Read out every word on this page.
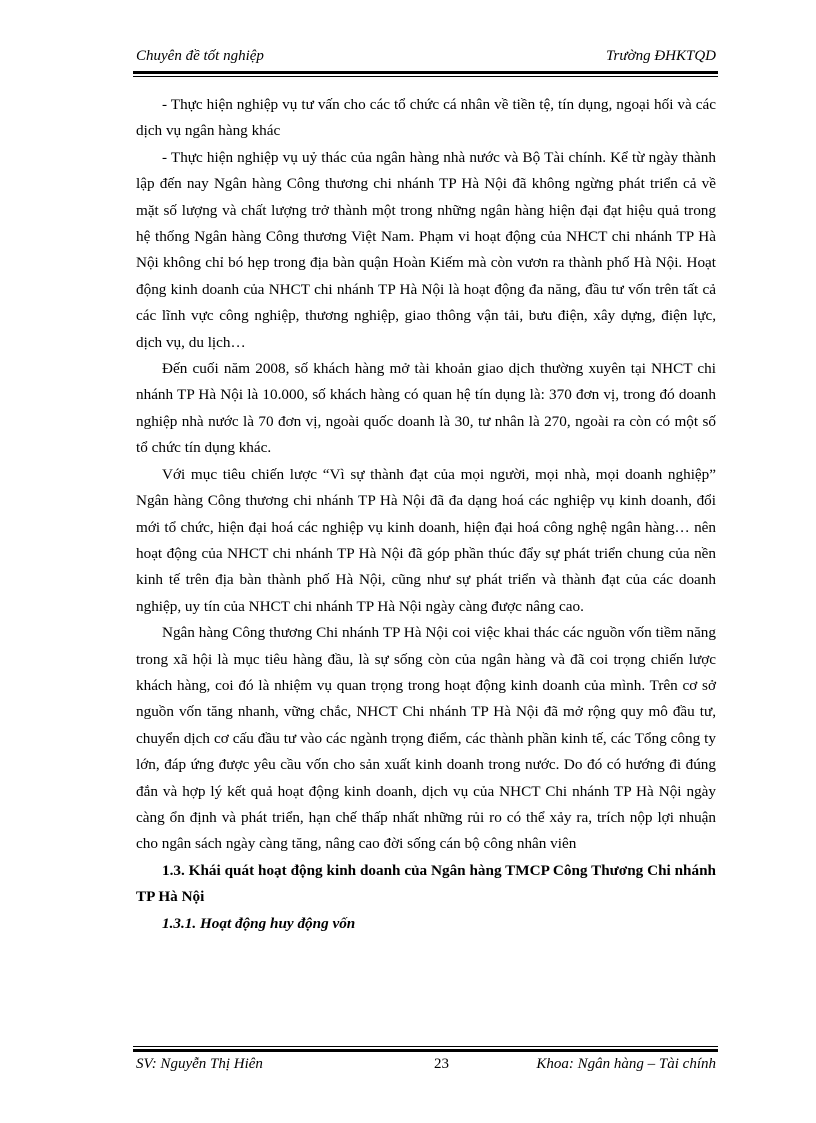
Chuyên đề tốt nghiệp	Trường ĐHKTQD

- Thực hiện nghiệp vụ tư vấn cho các tổ chức cá nhân về tiền tệ, tín dụng, ngoại hối và các dịch vụ ngân hàng khác

- Thực hiện nghiệp vụ uỷ thác của ngân hàng nhà nước và Bộ Tài chính. Kể từ ngày thành lập đến nay Ngân hàng Công thương chi nhánh TP Hà Nội đã không ngừng phát triển cả về mặt số lượng và chất lượng trở thành một trong những ngân hàng hiện đại đạt hiệu quả trong hệ thống Ngân hàng Công thương Việt Nam. Phạm vi hoạt động của NHCT chi nhánh TP Hà Nội không chỉ bó hẹp trong địa bàn quận Hoàn Kiếm mà còn vươn ra thành phố Hà Nội. Hoạt động kinh doanh của NHCT chi nhánh TP Hà Nội là hoạt động đa năng, đầu tư vốn trên tất cả các lĩnh vực công nghiệp, thương nghiệp, giao thông vận tải, bưu điện, xây dựng, điện lực, dịch vụ, du lịch…

Đến cuối năm 2008, số khách hàng mở tài khoản giao dịch thường xuyên tại NHCT chi nhánh TP Hà Nội là 10.000, số khách hàng có quan hệ tín dụng là: 370 đơn vị, trong đó doanh nghiệp nhà nước là 70 đơn vị, ngoài quốc doanh là 30, tư nhân là 270, ngoài ra còn có một số tổ chức tín dụng khác.

Với mục tiêu chiến lược “Vì sự thành đạt của mọi người, mọi nhà, mọi doanh nghiệp” Ngân hàng Công thương chi nhánh TP Hà Nội đã đa dạng hoá các nghiệp vụ kinh doanh, đổi mới tổ chức, hiện đại hoá các nghiệp vụ kinh doanh, hiện đại hoá công nghệ ngân hàng… nên hoạt động của NHCT chi nhánh TP Hà Nội đã góp phần thúc đẩy sự phát triển chung của nền kinh tế trên địa bàn thành phố Hà Nội, cũng như sự phát triển và thành đạt của các doanh nghiệp, uy tín của NHCT chi nhánh TP Hà Nội ngày càng được nâng cao.

Ngân hàng Công thương Chi nhánh TP Hà Nội coi việc khai thác các nguồn vốn tiềm năng trong xã hội là mục tiêu hàng đầu, là sự sống còn của ngân hàng và đã coi trọng chiến lược khách hàng, coi đó là nhiệm vụ quan trọng trong hoạt động kinh doanh của mình. Trên cơ sở nguồn vốn tăng nhanh, vững chắc, NHCT Chi nhánh TP Hà Nội đã mở rộng quy mô đầu tư, chuyển dịch cơ cấu đầu tư vào các ngành trọng điểm, các thành phần kinh tế, các Tổng công ty lớn, đáp ứng được yêu cầu vốn cho sản xuất kinh doanh trong nước. Do đó có hướng đi đúng đắn và hợp lý kết quả hoạt động kinh doanh, dịch vụ của NHCT Chi nhánh TP Hà Nội ngày càng ổn định và phát triển, hạn chế thấp nhất những rủi ro có thể xảy ra, trích nộp lợi nhuận cho ngân sách ngày càng tăng, nâng cao đời sống cán bộ công nhân viên

1.3. Khái quát hoạt động kinh doanh của Ngân hàng TMCP Công Thương Chi nhánh TP Hà Nội

1.3.1. Hoạt động huy động vốn

SV: Nguyễn Thị Hiên	23	Khoa: Ngân hàng – Tài chính
